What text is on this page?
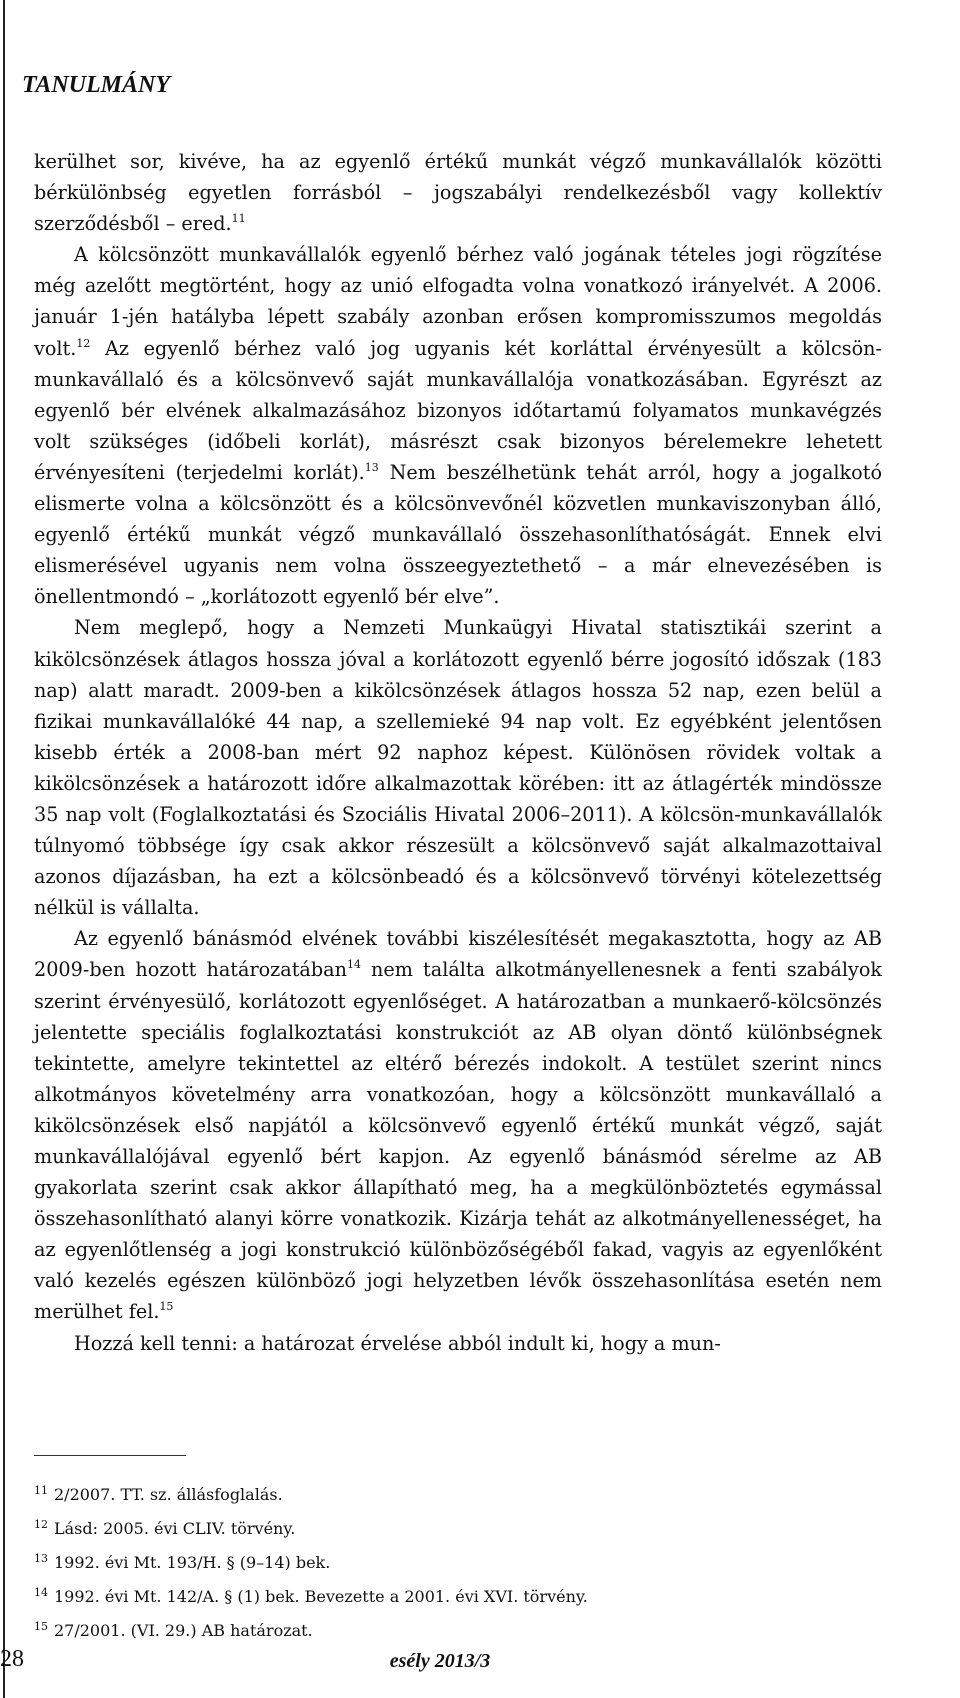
TANULMÁNY

kerülhet sor, kivéve, ha az egyenlő értékű munkát végző munkavállalók közötti bérkülönbség egyetlen forrásból – jogszabályi rendelkezésből vagy kollektív szerződésből – ered.$^{11}$

A kölcsönzött munkavállalók egyenlő bérhez való jogának tételes jogi rögzítése még azelőtt megtörtént, hogy az unió elfogadta volna vonatkozó irányelvét. A 2006. január 1-jén hatályba lépett szabály azonban erősen kompromisszumos megoldás volt.$^{12}$ Az egyenlő bérhez való jog ugyanis két korláttal érvényesült a kölcsön-munkavállaló és a kölcsönvevő saját munkavállalója vonatkozásában. Egyrészt az egyenlő bér elvének alkalmazásához bizonyos időtartamú folyamatos munkavégzés volt szükséges (időbeli korlát), másrészt csak bizonyos bérelemekre lehetett érvényesíteni (terjedelmi korlát).$^{13}$ Nem beszélhetünk tehát arról, hogy a jogalkotó elismerte volna a kölcsönzött és a kölcsönvevőnél közvetlen munkaviszonyban álló, egyenlő értékű munkát végző munkavállaló összehasonlíthatóságát. Ennek elvi elismerésével ugyanis nem volna összeegyeztethető – a már elnevezésében is önellentmondó – „korlátozott egyenlő bér elve”.

Nem meglepő, hogy a Nemzeti Munkaügyi Hivatal statisztikái szerint a kikölcsönzések átlagos hossza jóval a korlátozott egyenlő bérre jogosító időszak (183 nap) alatt maradt. 2009-ben a kikölcsönzések átlagos hossza 52 nap, ezen belül a fizikai munkavállalóké 44 nap, a szellemieké 94 nap volt. Ez egyébként jelentősen kisebb érték a 2008-ban mért 92 naphoz képest. Különösen rövidek voltak a kikölcsönzések a határozott időre alkalmazottak körében: itt az átlagérték mindössze 35 nap volt (Foglalkoztatási és Szociális Hivatal 2006–2011). A kölcsön-munkavállalók túlnyomó többsége így csak akkor részesült a kölcsönvevő saját alkalmazottaival azonos díjazásban, ha ezt a kölcsönbeadó és a kölcsönvevő törvényi kötelezettség nélkül is vállalta.

Az egyenlő bánásmód elvének további kiszélesítését megakasztotta, hogy az AB 2009-ben hozott határozatában$^{14}$ nem találta alkotmányellenesnek a fenti szabályok szerint érvényesülő, korlátozott egyenlőséget. A határozatban a munkaerő-kölcsönzés jelentette speciális foglalkoztatási konstrukciót az AB olyan döntő különbségnek tekintette, amelyre tekintettel az eltérő bérezés indokolt. A testület szerint nincs alkotmányos követelmény arra vonatkozóan, hogy a kölcsönzött munkavállaló a kikölcsönzések első napjától a kölcsönvevő egyenlő értékű munkát végző, saját munkavállalójával egyenlő bért kapjon. Az egyenlő bánásmód sérelme az AB gyakorlata szerint csak akkor állapítható meg, ha a megkülönböztetés egymással összehasonlítható alanyi körre vonatkozik. Kizárja tehát az alkotmányellenességet, ha az egyenlőtlenség a jogi konstrukció különbözőségéből fakad, vagyis az egyenlőként való kezelés egészen különböző jogi helyzetben lévők összehasonlítása esetén nem merülhet fel.$^{15}$

Hozzá kell tenni: a határozat érvelése abból indult ki, hogy a mun-

$^{11}$ 2/2007. TT. sz. állásfoglalás.
$^{12}$ Lásd: 2005. évi CLIV. törvény.
$^{13}$ 1992. évi Mt. 193/H. § (9–14) bek.
$^{14}$ 1992. évi Mt. 142/A. § (1) bek. Bevezette a 2001. évi XVI. törvény.
$^{15}$ 27/2001. (VI. 29.) AB határozat.
28	esély 2013/3
